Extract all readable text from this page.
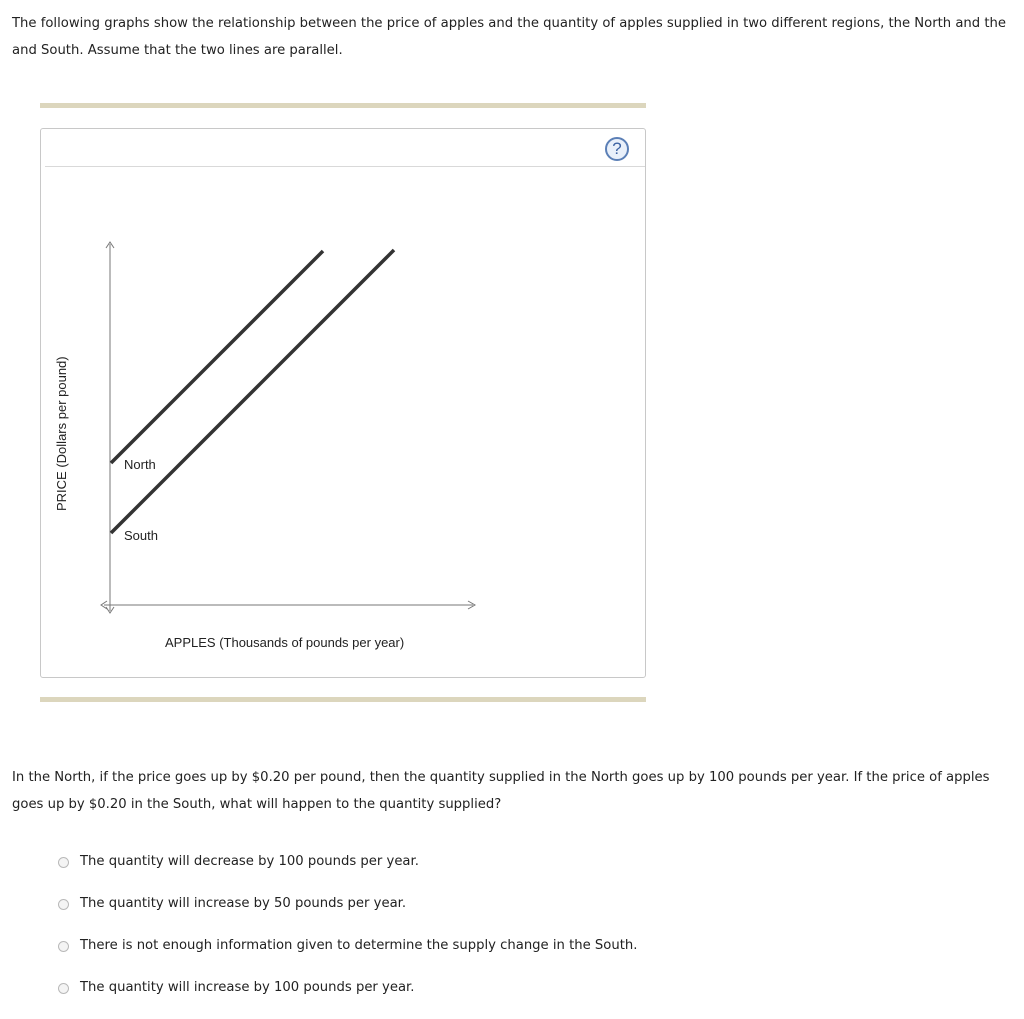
The following graphs show the relationship between the price of apples and the quantity of apples supplied in two different regions, the North and the
and South. Assume that the two lines are parallel.

?
North
South
APPLES (Thousands of pounds per year)
PRICE (Dollars per pound)

In the North, if the price goes up by $0.20 per pound, then the quantity supplied in the North goes up by 100 pounds per year. If the price of apples
goes up by $0.20 in the South, what will happen to the quantity supplied?

The quantity will decrease by 100 pounds per year.
The quantity will increase by 50 pounds per year.
There is not enough information given to determine the supply change in the South.
The quantity will increase by 100 pounds per year.
